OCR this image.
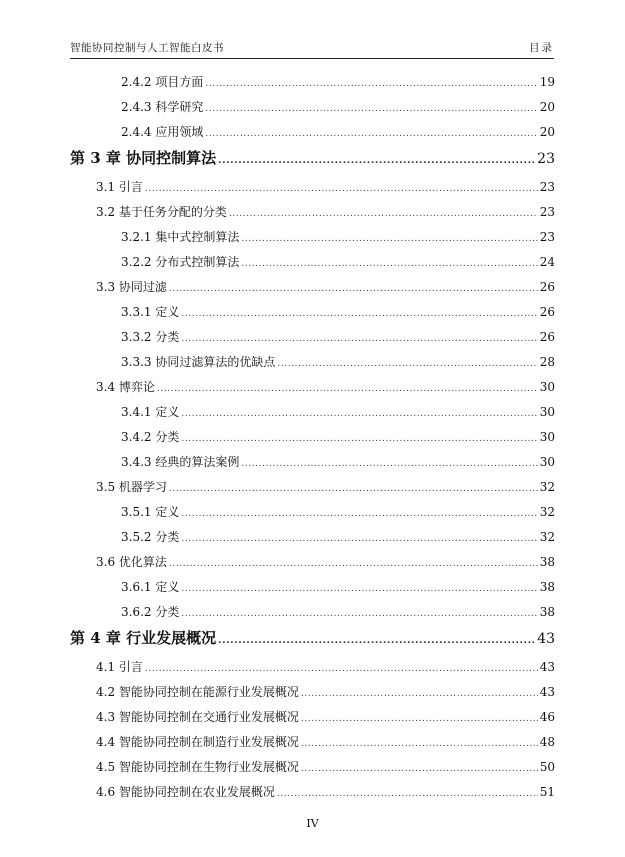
智能协同控制与人工智能白皮书	目录
2.4.2 项目方面 .....	19
2.4.3 科学研究 .....	20
2.4.4 应用领域 .....	20
第 3 章 协同控制算法 .....	23
3.1 引言 .....	23
3.2 基于任务分配的分类 .....	23
3.2.1 集中式控制算法 .....	23
3.2.2 分布式控制算法 .....	24
3.3 协同过滤 .....	26
3.3.1 定义 .....	26
3.3.2 分类 .....	26
3.3.3 协同过滤算法的优缺点 .....	28
3.4 博弈论 .....	30
3.4.1 定义 .....	30
3.4.2 分类 .....	30
3.4.3 经典的算法案例 .....	30
3.5 机器学习 .....	32
3.5.1 定义 .....	32
3.5.2 分类 .....	32
3.6 优化算法 .....	38
3.6.1 定义 .....	38
3.6.2 分类 .....	38
第 4 章 行业发展概况 .....	43
4.1 引言 .....	43
4.2 智能协同控制在能源行业发展概况 .....	43
4.3 智能协同控制在交通行业发展概况 .....	46
4.4 智能协同控制在制造行业发展概况 .....	48
4.5 智能协同控制在生物行业发展概况 .....	50
4.6 智能协同控制在农业发展概况 .....	51
IV
